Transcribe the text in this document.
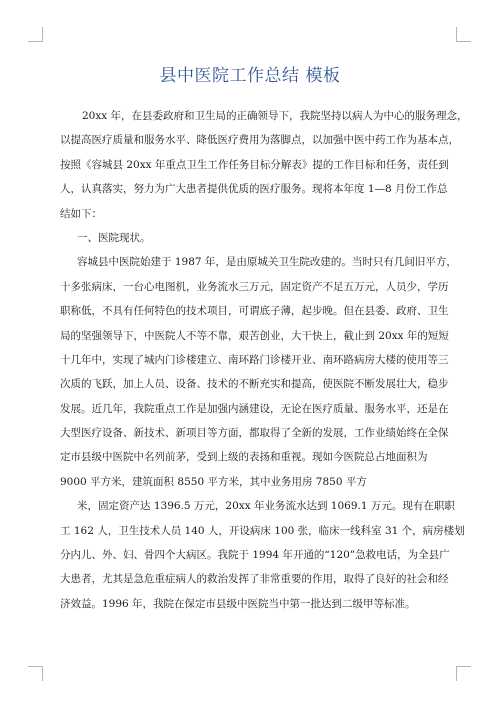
县中医院工作总结 模板
20xx 年，在县委政府和卫生局的正确领导下，我院坚持以病人为中心的服务理念，
以提高医疗质量和服务水平、降低医疗费用为落脚点，以加强中医中药工作为基本点，
按照《容城县 20xx 年重点卫生工作任务目标分解表》提的工作目标和任务，责任到
人，认真落实，努力为广大患者提供优质的医疗服务。现将本年度 1—8 月份工作总
结如下：
一、医院现状。
容城县中医院始建于 1987 年，是由原城关卫生院改建的。当时只有几间旧平方，
十多张病床，一台心电图机，业务流水三万元，固定资产不足五万元，人员少，学历
职称低，不具有任何特色的技术项目，可谓底子薄，起步晚。但在县委、政府、卫生
局的坚强领导下，中医院人不等不靠，艰苦创业，大干快上，截止到 20xx 年的短短
十几年中，实现了城内门诊楼建立、南环路门诊楼开业、南环路病房大楼的使用等三
次质的飞跃，加上人员、设备、技术的不断充实和提高，使医院不断发展壮大，稳步
发展。近几年，我院重点工作是加强内涵建设，无论在医疗质量、服务水平，还是在
大型医疗设备、新技术、新项目等方面，都取得了全新的发展，工作业绩始终在全保
定市县级中医院中名列前茅，受到上级的表扬和重视。现如今医院总占地面积为
9000 平方米，建筑面积 8550 平方米，其中业务用房 7850 平方
米，固定资产达 1396.5 万元，20xx 年业务流水达到 1069.1 万元。现有在职职
工 162 人，卫生技术人员 140 人，开设病床 100 张，临床一线科室 31 个，病房楼划
分内儿、外、妇、骨四个大病区。我院于 1994 年开通的“120”急救电话，为全县广
大患者，尤其是急危重症病人的救治发挥了非常重要的作用，取得了良好的社会和经
济效益。1996 年，我院在保定市县级中医院当中第一批达到二级甲等标准。
